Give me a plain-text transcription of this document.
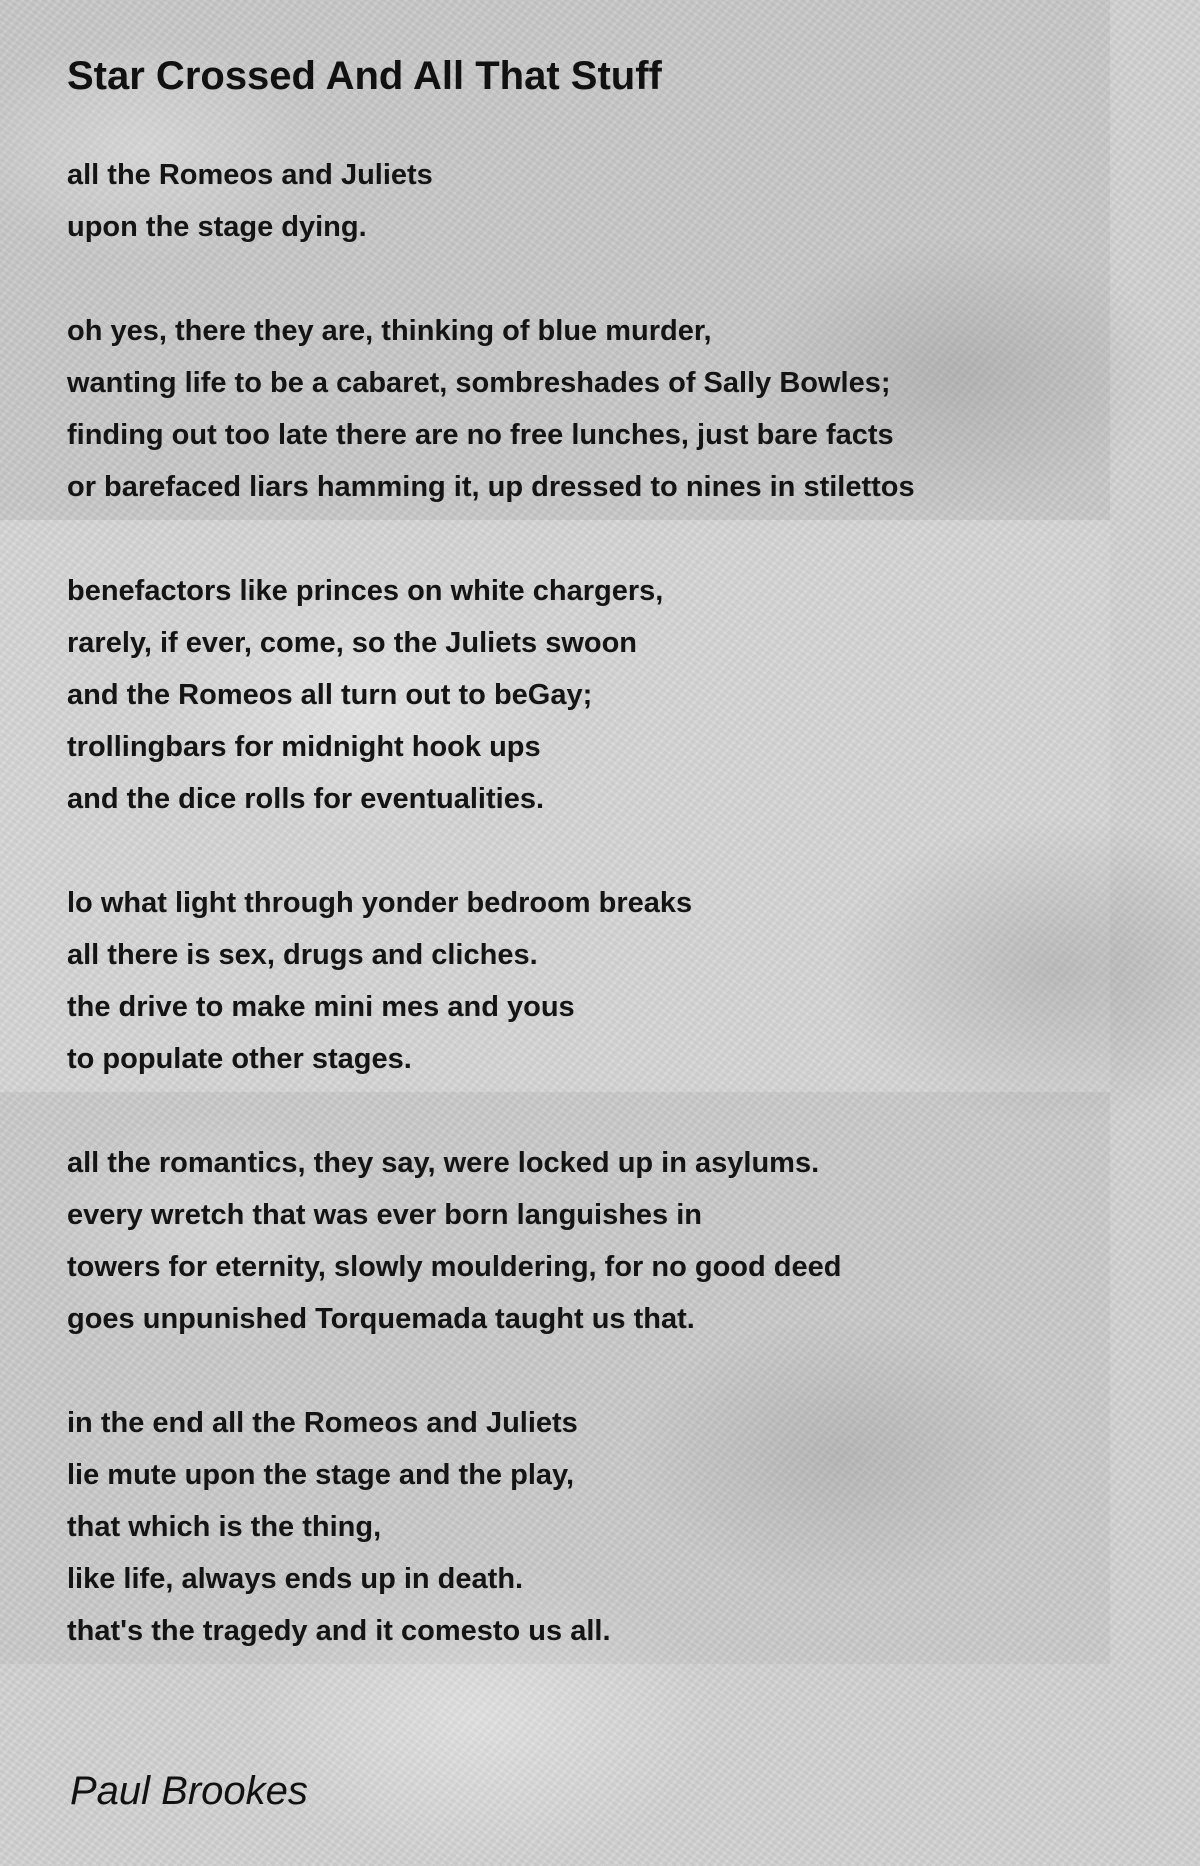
Star Crossed And All That Stuff
all the Romeos and Juliets
upon the stage dying.
oh yes, there they are, thinking of blue murder,
wanting life to be a cabaret, sombreshades of Sally Bowles;
finding out too late there are no free lunches, just bare facts
or barefaced liars hamming it, up dressed to nines in stilettos
benefactors like princes on white chargers,
rarely, if ever, come, so the Juliets swoon
and the Romeos all turn out to beGay;
trollingbars for midnight hook ups
and the dice rolls for eventualities.
lo what light through yonder bedroom breaks
all there is sex, drugs and cliches.
the drive to make mini mes and yous
to populate other stages.
all the romantics, they say, were locked up in asylums.
every wretch that was ever born languishes in
towers for eternity, slowly mouldering, for no good deed
goes unpunished Torquemada taught us that.
in the end all the Romeos and Juliets
lie mute upon the stage and the play,
that which is the thing,
like life, always ends up in death.
that's the tragedy and it comesto us all.

Paul Brookes
